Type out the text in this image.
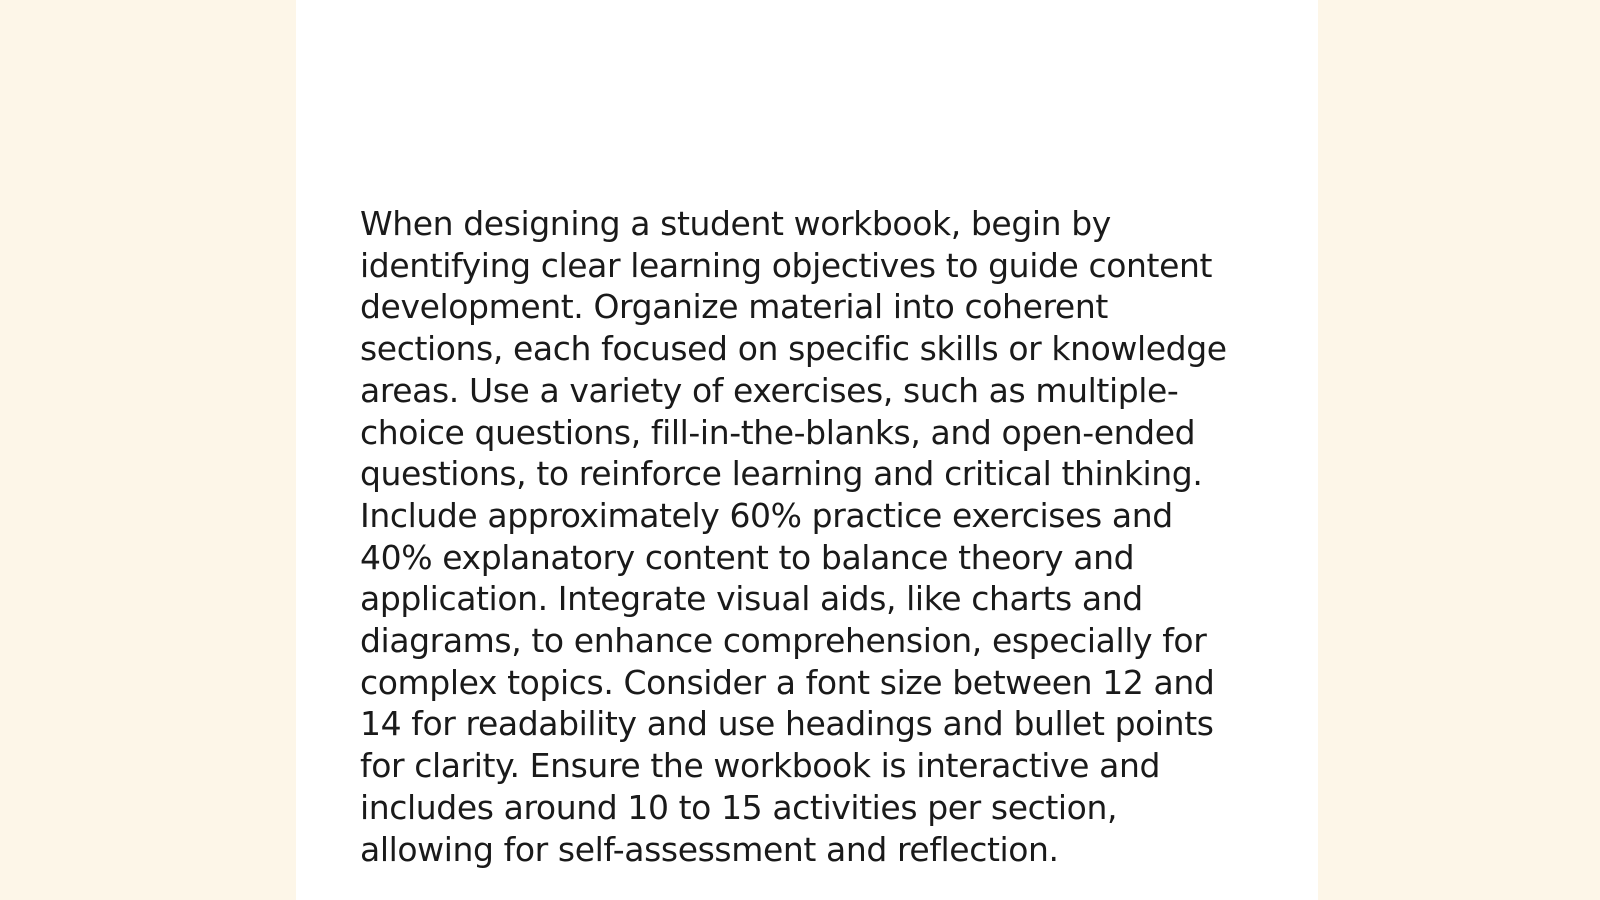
When designing a student workbook, begin by
identifying clear learning objectives to guide content
development. Organize material into coherent
sections, each focused on specific skills or knowledge
areas. Use a variety of exercises, such as multiple-
choice questions, fill-in-the-blanks, and open-ended
questions, to reinforce learning and critical thinking.
Include approximately 60% practice exercises and
40% explanatory content to balance theory and
application. Integrate visual aids, like charts and
diagrams, to enhance comprehension, especially for
complex topics. Consider a font size between 12 and
14 for readability and use headings and bullet points
for clarity. Ensure the workbook is interactive and
includes around 10 to 15 activities per section,
allowing for self-assessment and reflection.
